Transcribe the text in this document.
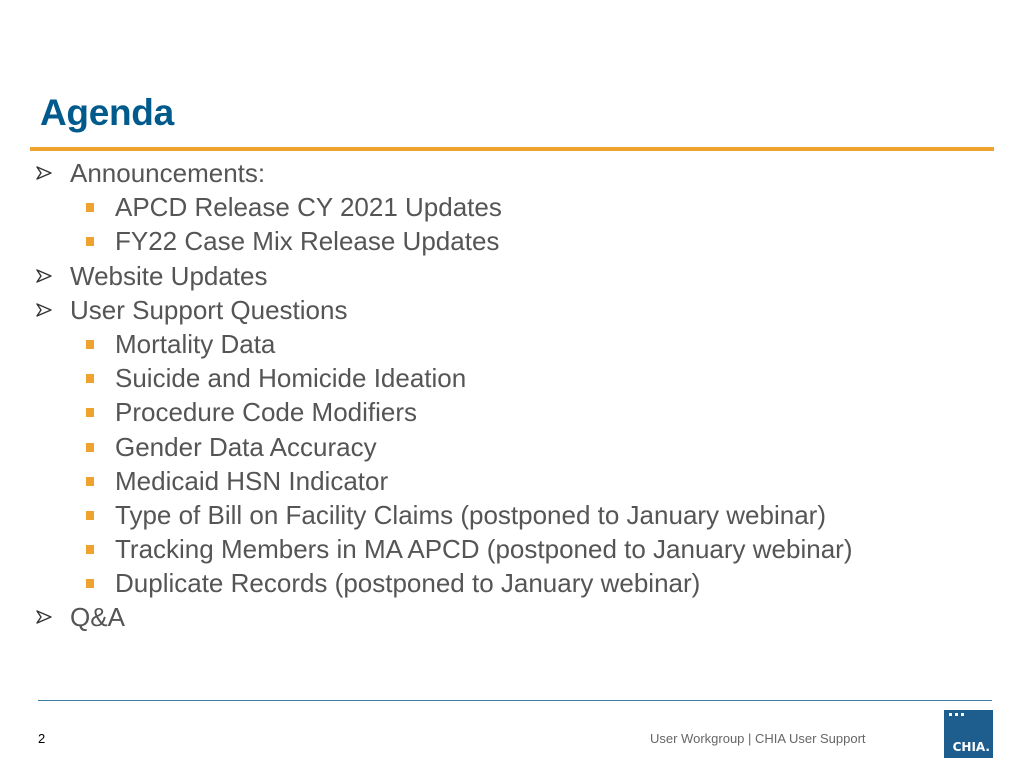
Agenda
Announcements:
APCD Release CY 2021 Updates
FY22 Case Mix Release Updates
Website Updates
User Support Questions
Mortality Data
Suicide and Homicide Ideation
Procedure Code Modifiers
Gender Data Accuracy
Medicaid HSN Indicator
Type of Bill on Facility Claims (postponed to January webinar)
Tracking Members in MA APCD (postponed to January webinar)
Duplicate Records (postponed to January webinar)
Q&A
2	User Workgroup | CHIA User Support
CHIA.
